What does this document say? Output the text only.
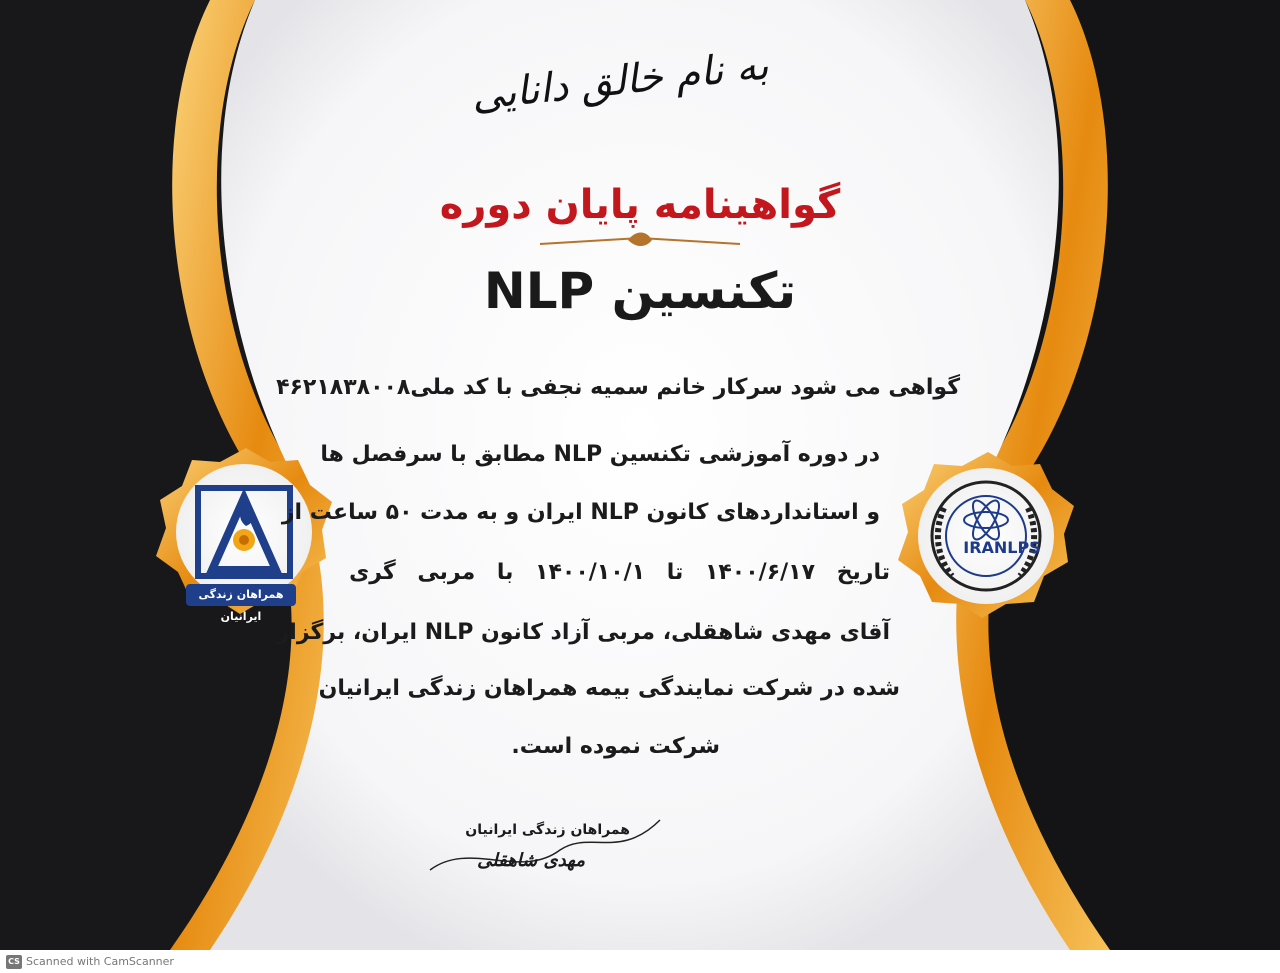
به نام خالق دانایی
گواهینامه پایان دوره
تکنسین NLP
گواهی می شود سرکار خانم سمیه نجفی با کد ملی۴۶۲۱۸۳۸۰۰۸
در دوره آموزشی تکنسین NLP مطابق با سرفصل ها
و استانداردهای کانون NLP ایران و به مدت ۵۰ ساعت از
تاریخ ۱۴۰۰/۶/۱۷ تا ۱۴۰۰/۱۰/۱ با مربی گری
آقای مهدی شاهقلی، مربی آزاد کانون NLP ایران، برگزار
شده در شرکت نمایندگی بیمه همراهان زندگی ایرانیان
شرکت نموده است.
همراهان زندگی ایرانیان
IRANLPS
همراهان زندگی ایرانیان
مهدی شاهقلی
CS Scanned with CamScanner
